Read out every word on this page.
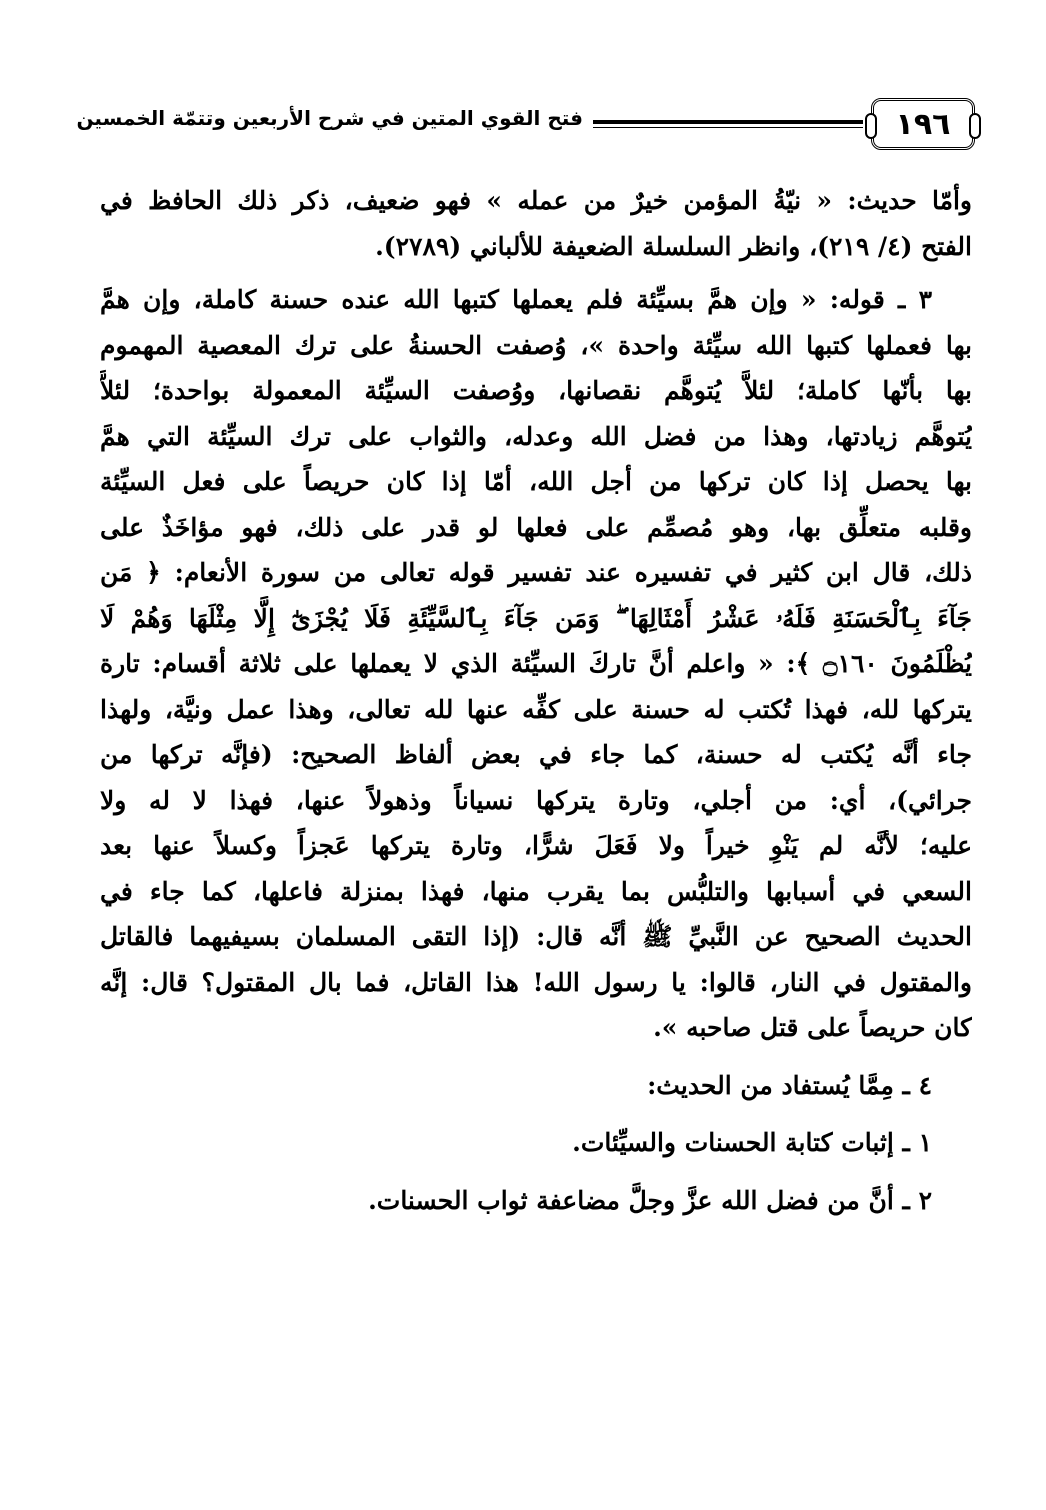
١٩٦
فتح القوي المتين في شرح الأربعين وتتمّة الخمسين
وأمّا حديث: « نيّةُ المؤمن خيرٌ من عمله » فهو ضعيف، ذكر ذلك الحافظ في
الفتح (٤/ ٢١٩)، وانظر السلسلة الضعيفة للألباني (٢٧٨٩).
٣ ـ قوله: « وإن همَّ بسيِّئة فلم يعملها كتبها الله عنده حسنة كاملة، وإن همَّ
بها فعملها كتبها الله سيِّئة واحدة »، وُصفت الحسنةُ على ترك المعصية المهموم
بها بأنّها كاملة؛ لئلاَّ يُتوهَّم نقصانها، ووُصفت السيِّئة المعمولة بواحدة؛ لئلاَّ
يُتوهَّم زيادتها، وهذا من فضل الله وعدله، والثواب على ترك السيِّئة التي همَّ
بها يحصل إذا كان تركها من أجل الله، أمّا إذا كان حريصاً على فعل السيِّئة
وقلبه متعلِّق بها، وهو مُصمِّم على فعلها لو قدر على ذلك، فهو مؤاخَذٌ على
ذلك، قال ابن كثير في تفسيره عند تفسير قوله تعالى من سورة الأنعام: ﴿ مَن
جَآءَ بِٱلْحَسَنَةِ فَلَهُۥ عَشْرُ أَمْثَالِهَا ۖ وَمَن جَآءَ بِٱلسَّيِّئَةِ فَلَا يُجْزَىٰٓ إِلَّا مِثْلَهَا وَهُمْ لَا
يُظْلَمُونَ ۝١٦٠ ﴾: « واعلم أنَّ تاركَ السيِّئة الذي لا يعملها على ثلاثة أقسام: تارة
يتركها لله، فهذا تُكتب له حسنة على كفِّه عنها لله تعالى، وهذا عمل ونيَّة، ولهذا
جاء أنَّه يُكتب له حسنة، كما جاء في بعض ألفاظ الصحيح: (فإنَّه تركها من
جرائي)، أي: من أجلي، وتارة يتركها نسياناً وذهولاً عنها، فهذا لا له ولا
عليه؛ لأنَّه لم يَنْوِ خيراً ولا فَعَلَ شرًّا، وتارة يتركها عَجزاً وكسلاً عنها بعد
السعي في أسبابها والتلبُّس بما يقرب منها، فهذا بمنزلة فاعلها، كما جاء في
الحديث الصحيح عن النَّبيِّ ﷺ أنَّه قال: (إذا التقى المسلمان بسيفيهما فالقاتل
والمقتول في النار، قالوا: يا رسول الله! هذا القاتل، فما بال المقتول؟ قال: إنَّه
كان حريصاً على قتل صاحبه ».
٤ ـ مِمَّا يُستفاد من الحديث:
١ ـ إثبات كتابة الحسنات والسيِّئات.
٢ ـ أنَّ من فضل الله عزَّ وجلَّ مضاعفة ثواب الحسنات.
